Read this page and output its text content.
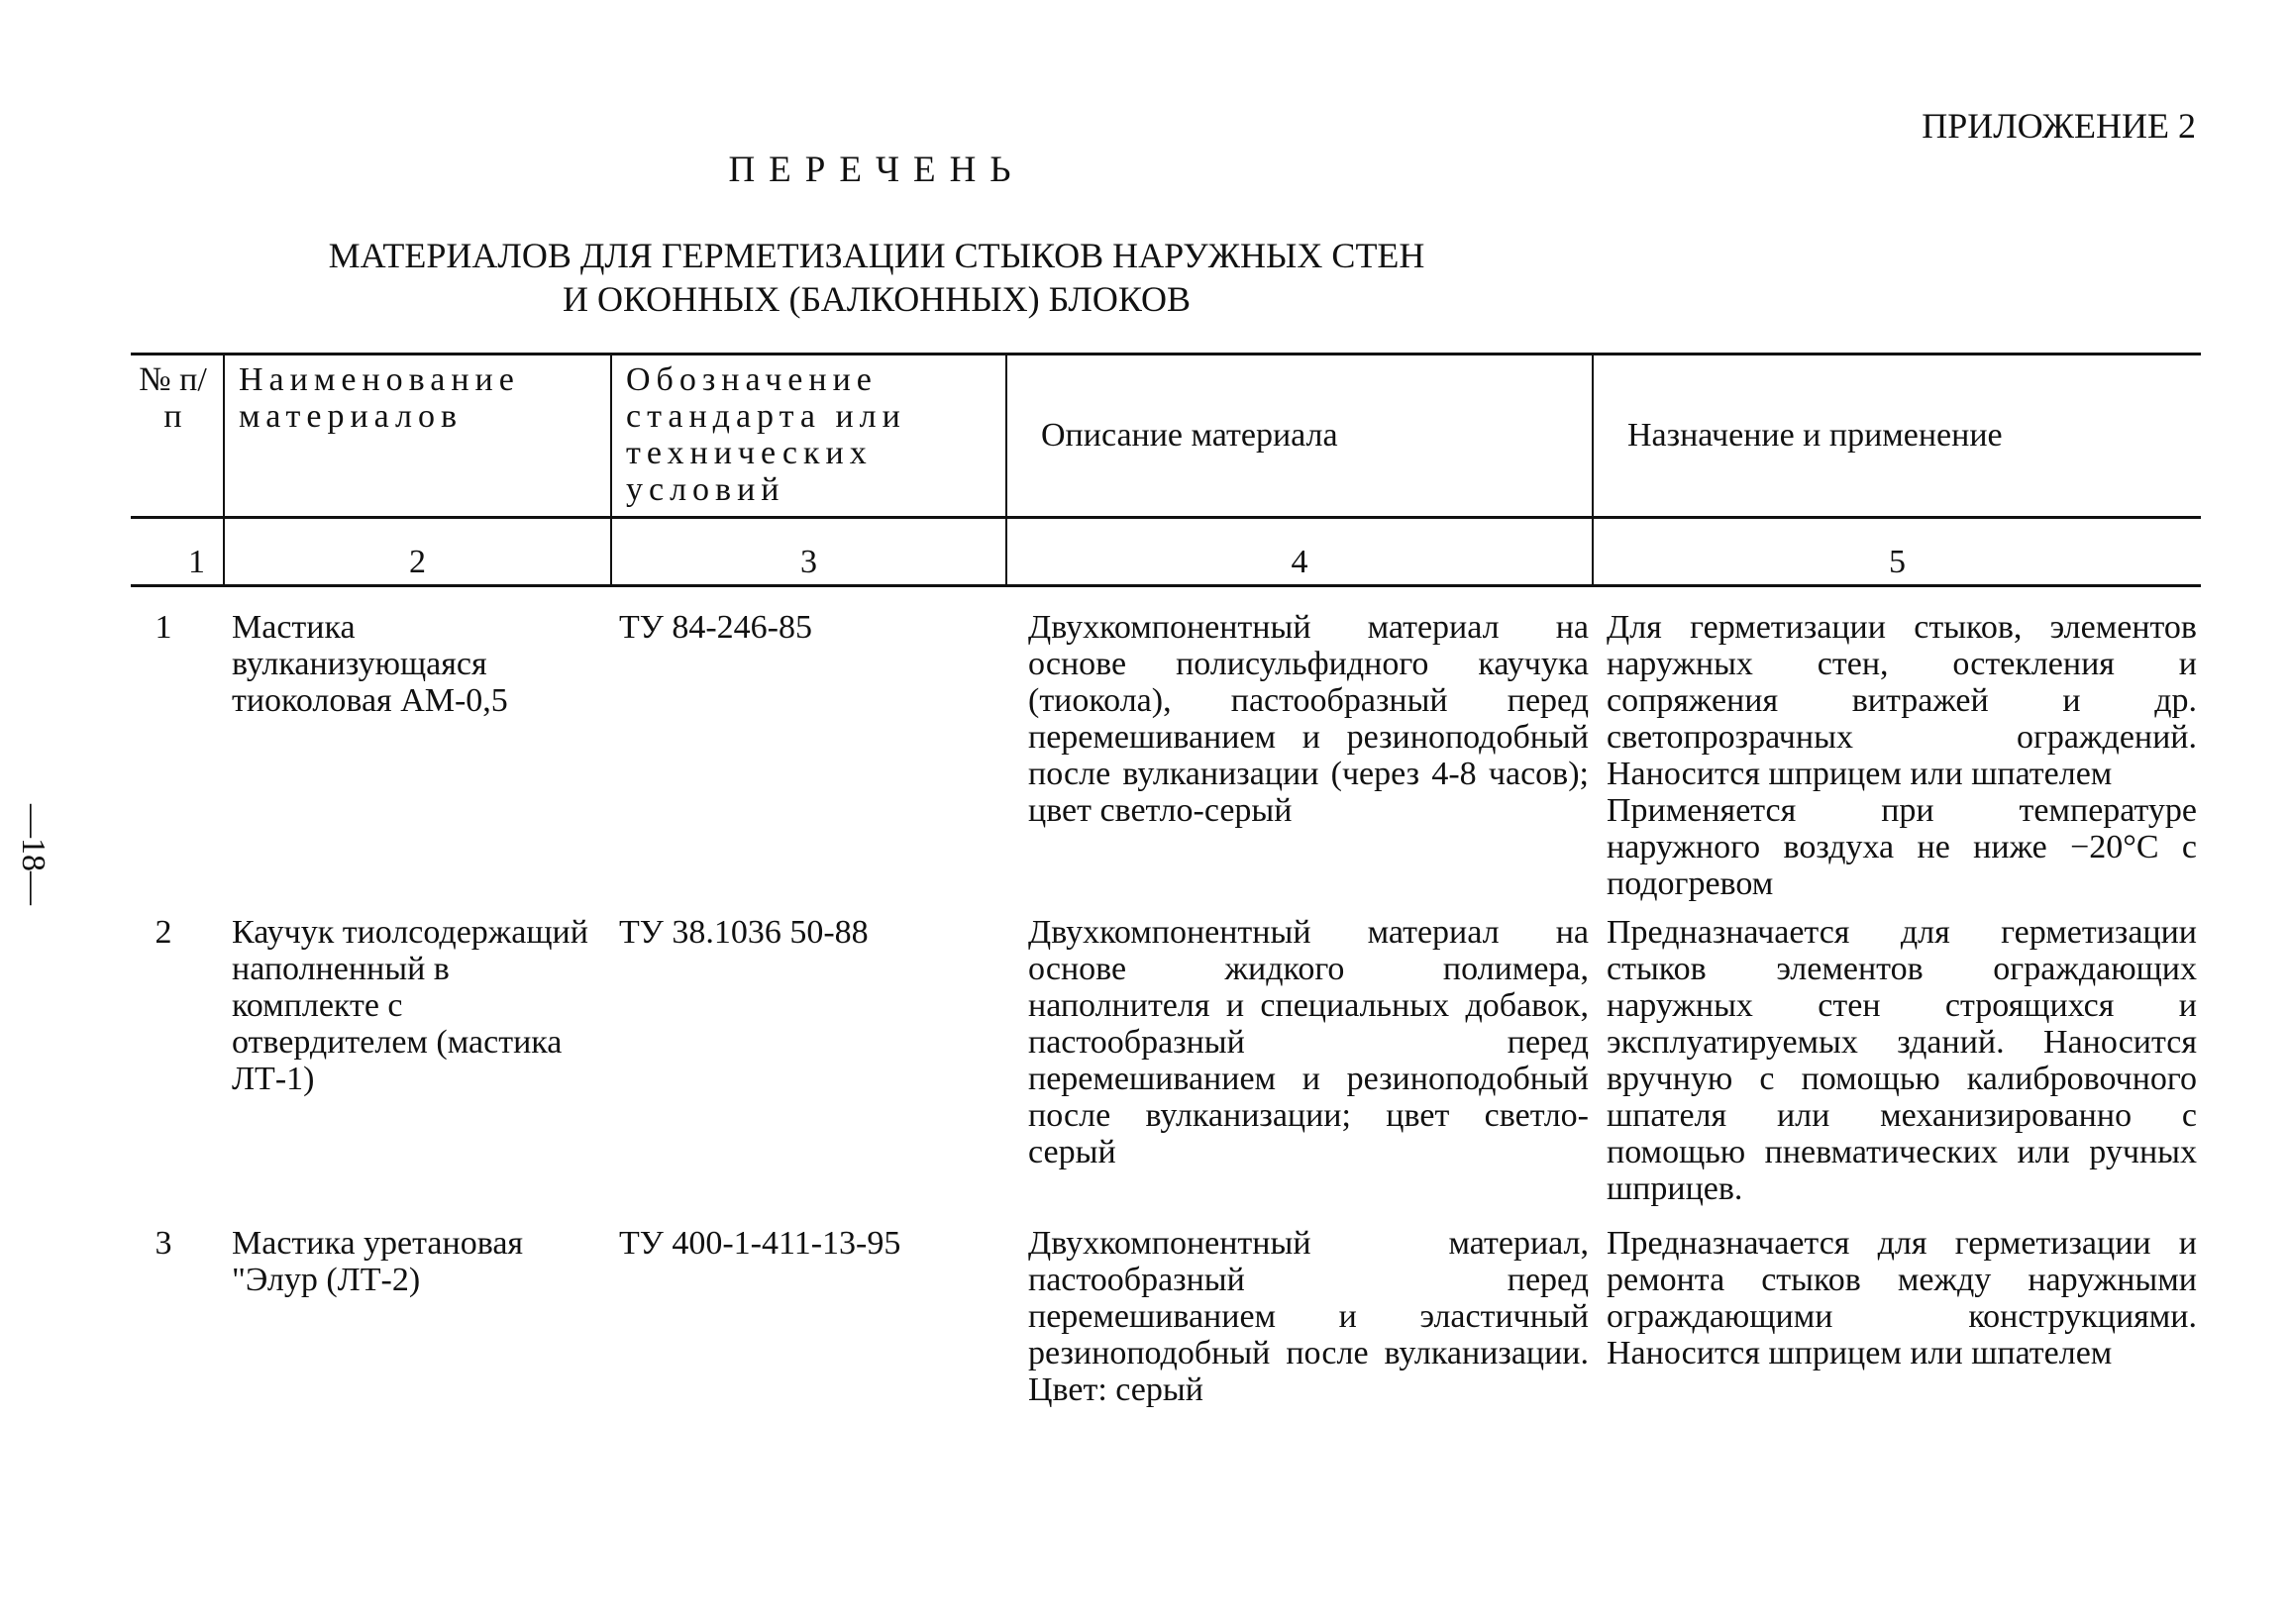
ПРИЛОЖЕНИЕ 2
ПЕРЕЧЕНЬ
МАТЕРИАЛОВ ДЛЯ ГЕРМЕТИЗАЦИИ СТЫКОВ НАРУЖНЫХ СТЕН
И ОКОННЫХ (БАЛКОННЫХ) БЛОКОВ
—18—
№ п/п	Наименование материалов	Обозначение стандарта или технических условий	Описание материала	Назначение и применение
1	2	3	4	5
1	Мастика вулканизующаяся тиоколовая АМ-0,5	ТУ 84-246-85	Двухкомпонентный материал на основе полисульфидного каучука (тиокола), пастообразный перед перемешиванием и резиноподобный после вулканизации (через 4-8 часов); цвет светло-серый	Для герметизации стыков, элементов наружных стен, остекления и сопряжения витражей и др. светопрозрачных ограждений. Наносится шприцем или шпателем
Применяется при температуре наружного воздуха не ниже −20°С с подогревом

2	Каучук тиолсодержащий наполненный в комплекте с отвердителем (мастика ЛТ-1)	ТУ 38.1036 50-88	Двухкомпонентный материал на основе жидкого полимера, наполнителя и специальных добавок, пастообразный перед перемешиванием и резиноподобный после вулканизации; цвет светло-серый	Предназначается для герметизации стыков элементов ограждающих наружных стен строящихся и эксплуатируемых зданий. Наносится вручную с помощью калибровочного шпателя или механизированно с помощью пневматических или ручных шприцев.
3	Мастика уретановая "Элур (ЛТ-2)	ТУ 400-1-411-13-95	Двухкомпонентный материал, пастообразный перед перемешиванием и эластичный резиноподобный после вулканизации. Цвет: серый	Предназначается для герметизации и ремонта стыков между наружными ограждающими конструкциями. Наносится шприцем или шпателем
